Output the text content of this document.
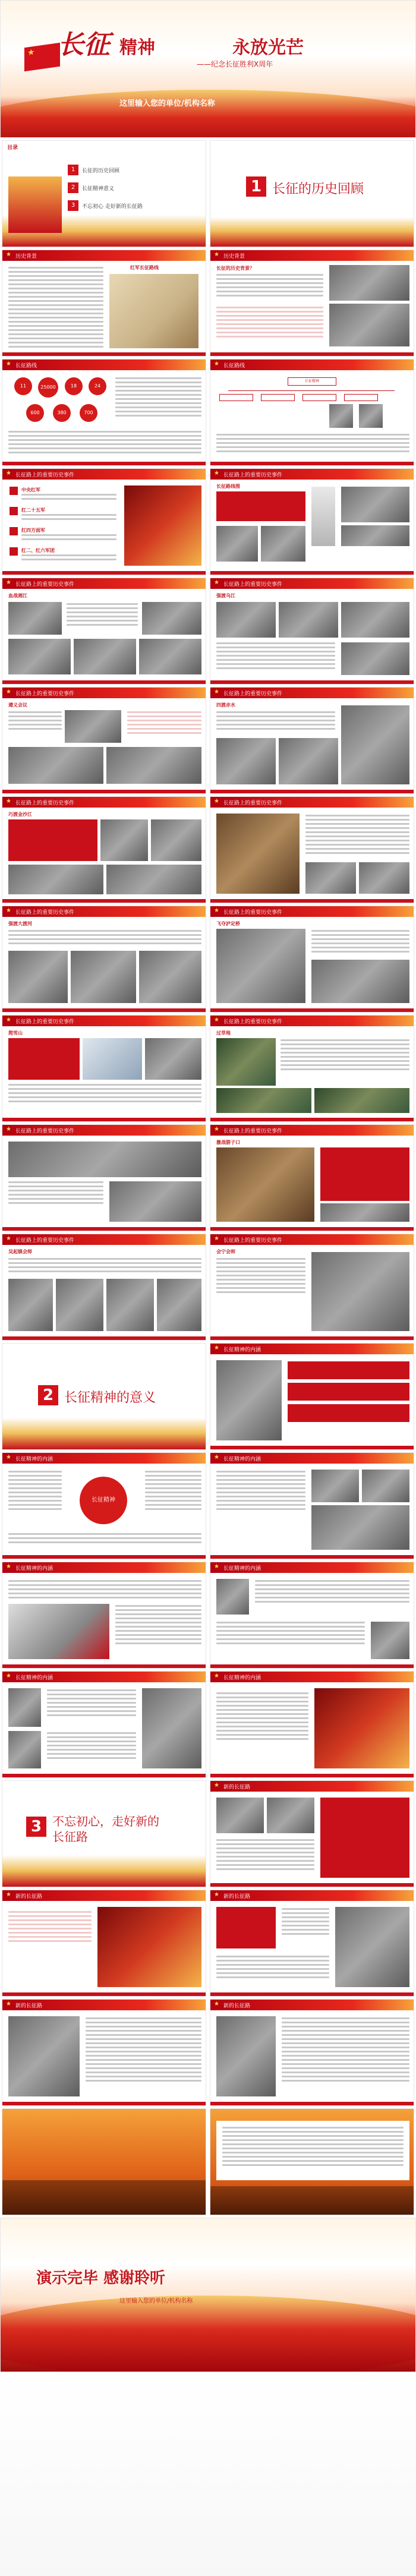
★ 长征 精神	永放光芒
——纪念长征胜利X周年
这里输入您的单位/机构名称
目录
1	长征的历史回顾
2	长征精神意义
3	不忘初心 走好新的长征路
1 长征的历史回顾
★ 历史背景
红军长征路线
★ 历史背景
长征的历史背景？
★ 长征路线
11	25000	18	24
600	380	700
★ 长征路线
长征精神
★ 长征路上的重要历史事件
中央红军
红二十五军
红四方面军
红二、红六军团
★ 长征路上的重要历史事件
长征路线图
★ 长征路上的重要历史事件
血战湘江
★ 长征路上的重要历史事件
强渡乌江
★ 长征路上的重要历史事件
遵义会议
★ 长征路上的重要历史事件
四渡赤水
★ 长征路上的重要历史事件
巧渡金沙江
★ 长征路上的重要历史事件
★ 长征路上的重要历史事件
强渡大渡河
★ 长征路上的重要历史事件
飞夺泸定桥
★ 长征路上的重要历史事件
爬雪山
★ 长征路上的重要历史事件
过草地
★ 长征路上的重要历史事件	★ 长征路上的重要历史事件
激战腊子口
★ 长征路上的重要历史事件
吴起镇会师
★ 长征路上的重要历史事件
会宁会师
2 长征精神的意义
★ 长征精神的内涵
★ 长征精神的内涵
长征精神
★ 长征精神的内涵
★ 长征精神的内涵	★ 长征精神的内涵
★ 长征精神的内涵	★ 长征精神的内涵
3 不忘初心，走好新的
长征路
★ 新的长征路
★ 新的长征路	★ 新的长征路
★ 新的长征路	★ 新的长征路
演示完毕 感谢聆听
这里输入您的单位/机构名称
